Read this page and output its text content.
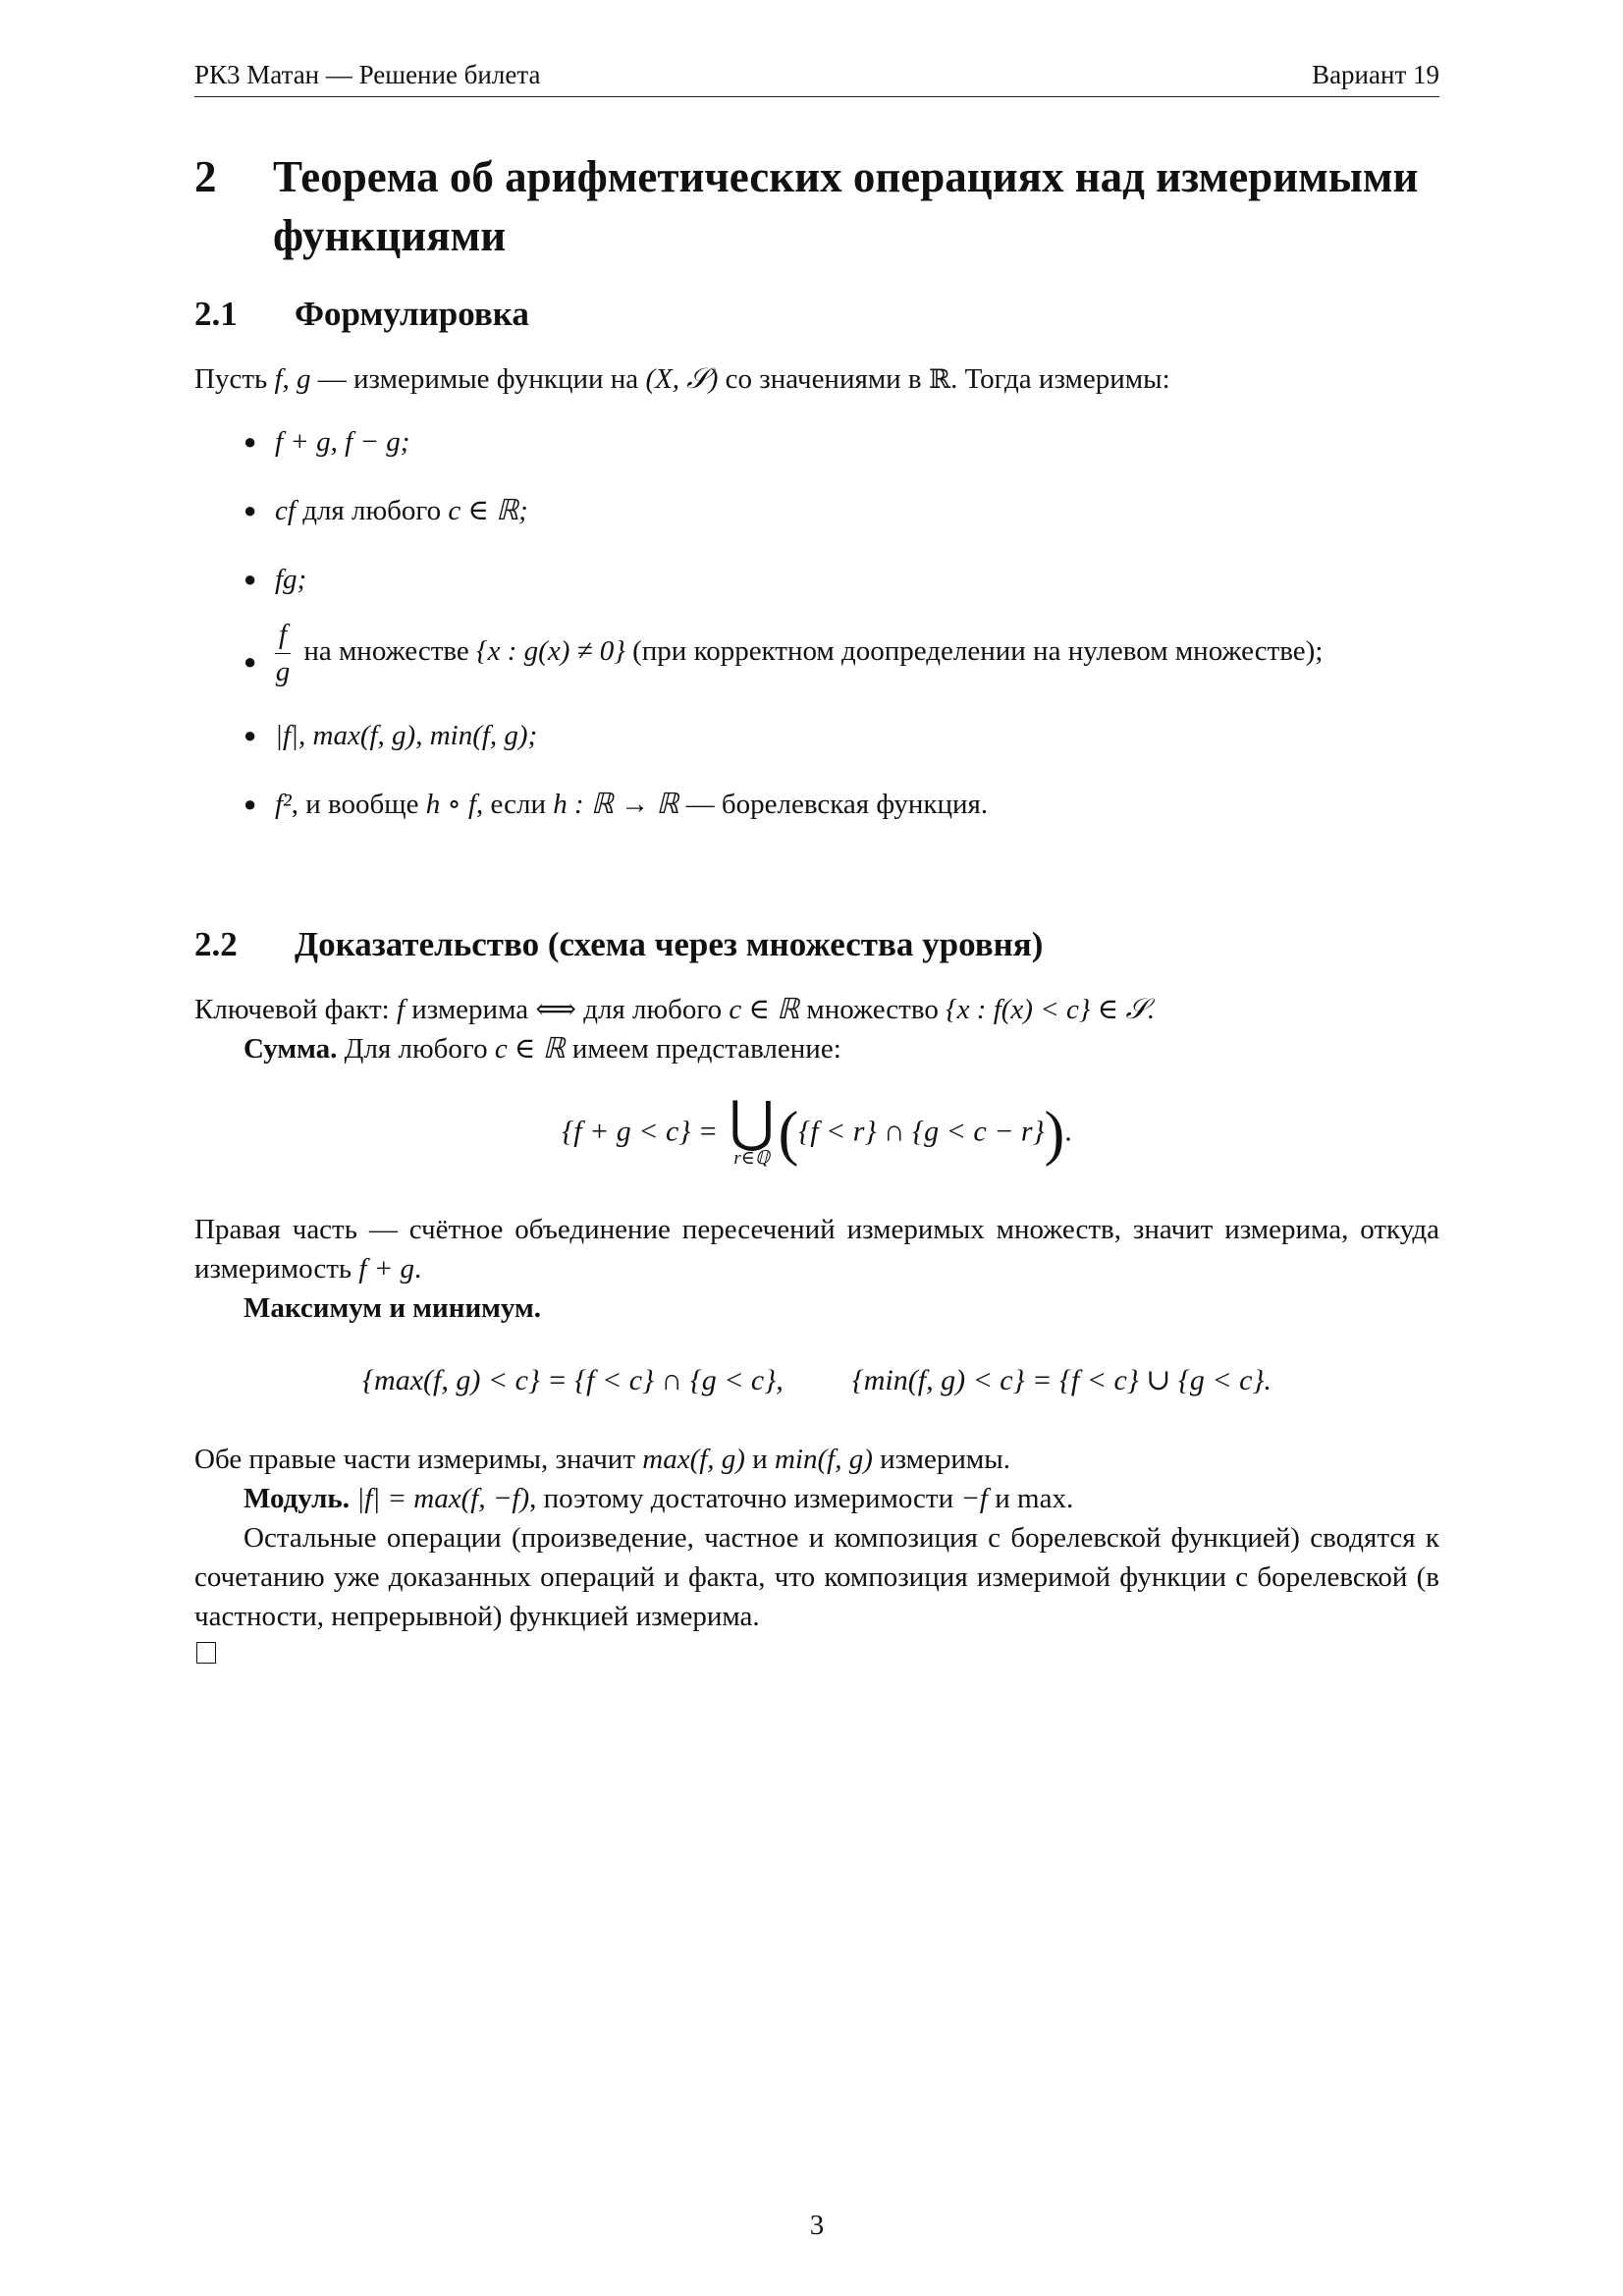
РК3 Матан — Решение билета	Вариант 19
2	Теорема об арифметических операциях над измеримыми функциями
2.1	Формулировка
Пусть f, g — измеримые функции на (X, 𝒮) со значениями в ℝ. Тогда измеримы:
● f + g, f − g;
● cf для любого c ∈ ℝ;
● fg;
● $\frac{f}{g}$ на множестве {x : g(x) ≠ 0} (при корректном доопределении на нулевом множестве);
● |f|, max(f, g), min(f, g);
● f², и вообще h ∘ f, если h : ℝ → ℝ — борелевская функция.
2.2	Доказательство (схема через множества уровня)
Ключевой факт: f измерима ⟺ для любого c ∈ ℝ множество {x : f(x) < c} ∈ 𝒮.
Сумма. Для любого c ∈ ℝ имеем представление:
{f + g < c} = ⋃
r∈ℚ ({f < r} ∩ {g < c − r}).
Правая часть — счётное объединение пересечений измеримых множеств, значит измерима, откуда измеримость f + g.
Максимум и минимум.
{max(f, g) < c} = {f < c} ∩ {g < c}, {min(f, g) < c} = {f < c} ∪ {g < c}.
Обе правые части измеримы, значит max(f, g) и min(f, g) измеримы.
Модуль. |f| = max(f, −f), поэтому достаточно измеримости −f и max.
Остальные операции (произведение, частное и композиция с борелевской функцией) сводятся к сочетанию уже доказанных операций и факта, что композиция измеримой функции с борелевской (в частности, непрерывной) функцией измерима.
3
